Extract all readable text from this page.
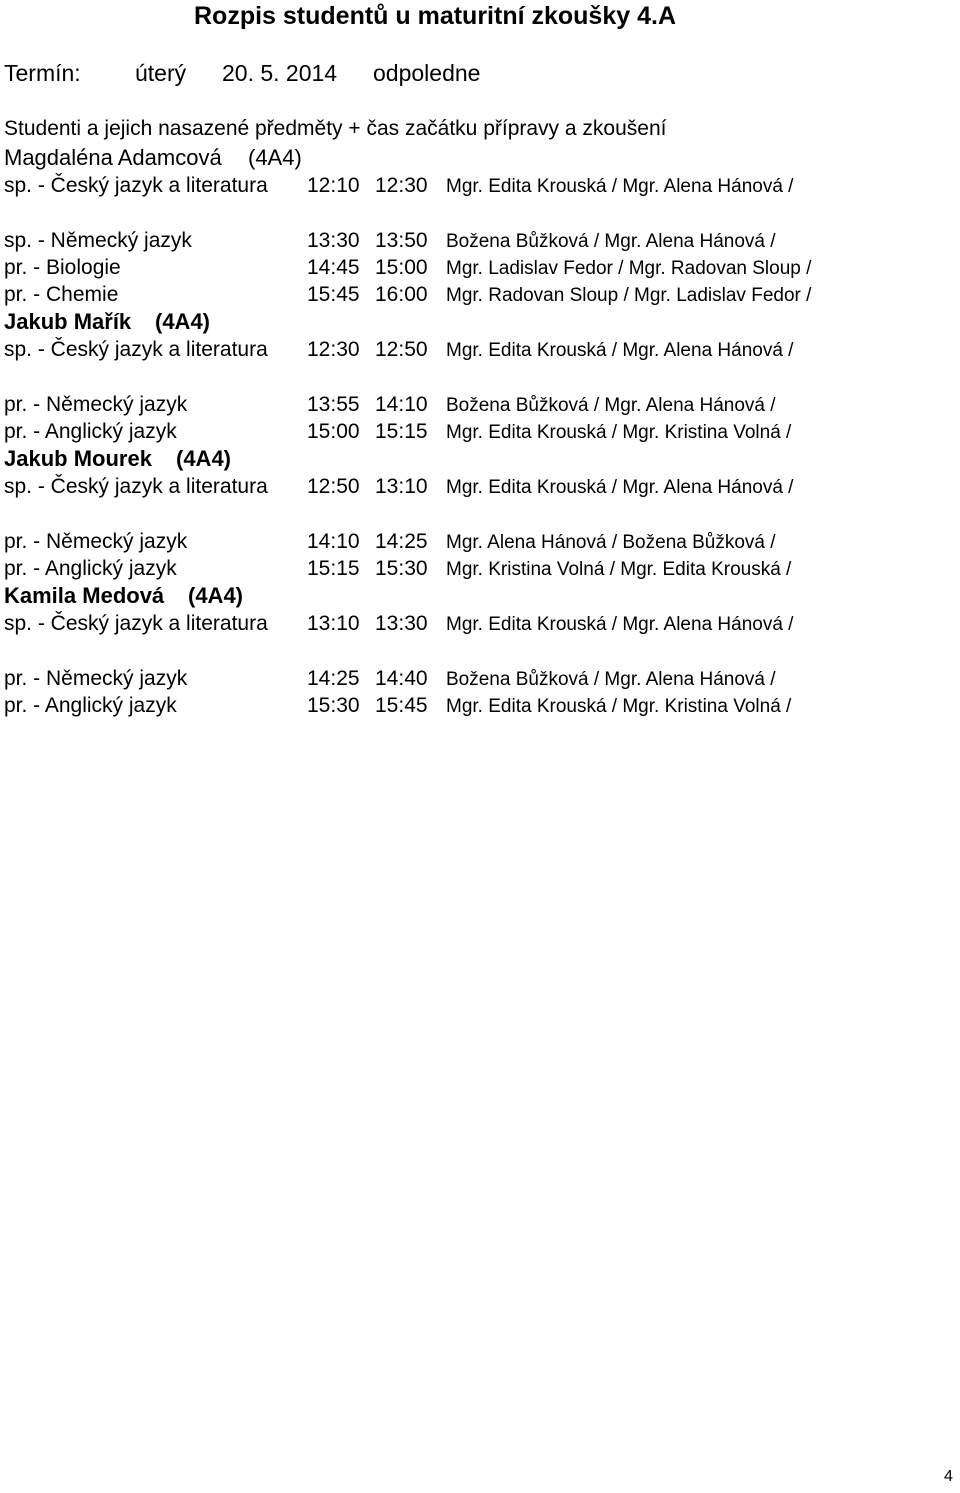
Rozpis studentů u maturitní zkoušky 4.A
Termín: úterý 20. 5. 2014 odpoledne
Studenti a jejich nasazené předměty + čas začátku přípravy a zkoušení
Magdaléna Adamcová (4A4)
sp. - Český jazyk a literatura	12:10 12:30 Mgr. Edita Krouská / Mgr. Alena Hánová /
sp. - Německý jazyk	13:30 13:50 Božena Bůžková / Mgr. Alena Hánová /
pr. - Biologie	14:45 15:00 Mgr. Ladislav Fedor / Mgr. Radovan Sloup /
pr. - Chemie	15:45 16:00 Mgr. Radovan Sloup / Mgr. Ladislav Fedor /
Jakub Mařík (4A4)
sp. - Český jazyk a literatura	12:30 12:50 Mgr. Edita Krouská / Mgr. Alena Hánová /
pr. - Německý jazyk	13:55 14:10 Božena Bůžková / Mgr. Alena Hánová /
pr. - Anglický jazyk	15:00 15:15 Mgr. Edita Krouská / Mgr. Kristina Volná /
Jakub Mourek (4A4)
sp. - Český jazyk a literatura	12:50 13:10 Mgr. Edita Krouská / Mgr. Alena Hánová /
pr. - Německý jazyk	14:10 14:25 Mgr. Alena Hánová / Božena Bůžková /
pr. - Anglický jazyk	15:15 15:30 Mgr. Kristina Volná / Mgr. Edita Krouská /
Kamila Medová (4A4)
sp. - Český jazyk a literatura	13:10 13:30 Mgr. Edita Krouská / Mgr. Alena Hánová /
pr. - Německý jazyk	14:25 14:40 Božena Bůžková / Mgr. Alena Hánová /
pr. - Anglický jazyk	15:30 15:45 Mgr. Edita Krouská / Mgr. Kristina Volná /
4
